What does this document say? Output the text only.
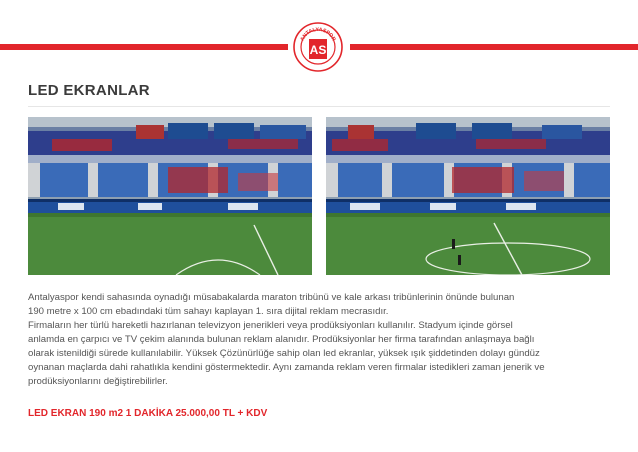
ANTALYASPOR
AS
LED EKRANLAR

Antalyaspor kendi sahasında oynadığı müsabakalarda maraton tribünü ve kale arkası tribünlerinin önünde bulunan

190 metre x 100 cm ebadındaki tüm sahayı kaplayan 1. sıra dijital reklam mecrasıdır.

Firmaların her türlü hareketli hazırlanan televizyon jenerikleri veya prodüksiyonları kullanılır. Stadyum içinde görsel

anlamda en çarpıcı ve TV çekim alanında bulunan reklam alanıdır. Prodüksiyonlar her firma tarafından anlaşmaya bağlı

olarak istenildiği sürede kullanılabilir. Yüksek Çözünürlüğe sahip olan led ekranlar, yüksek ışık şiddetinden dolayı gündüz

oynanan maçlarda dahi rahatlıkla kendini göstermektedir. Aynı zamanda reklam veren firmalar istedikleri zaman jenerik ve

prodüksiyonlarını değiştirebilirler.

LED EKRAN 190 m2 1 DAKİKA 25.000,00 TL + KDV
